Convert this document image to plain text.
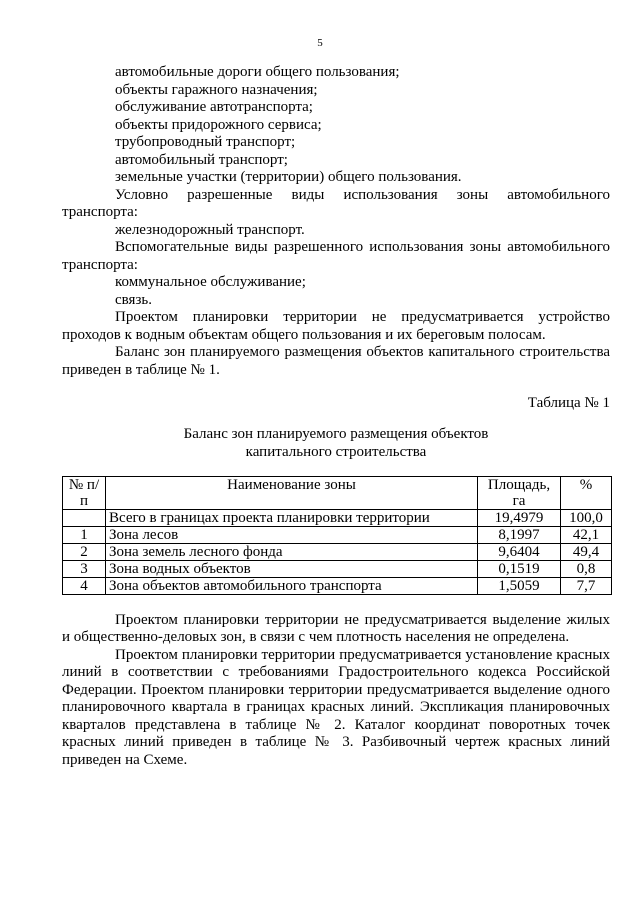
5
автомобильные дороги общего пользования;
объекты гаражного назначения;
обслуживание автотранспорта;
объекты придорожного сервиса;
трубопроводный транспорт;
автомобильный транспорт;
земельные участки (территории) общего пользования.
Условно разрешенные виды использования зоны автомобильного
транспорта:
железнодорожный транспорт.
Вспомогательные виды разрешенного использования зоны автомобильного
транспорта:
коммунальное обслуживание;
связь.
Проектом планировки территории не предусматривается устройство
проходов к водным объектам общего пользования и их береговым полосам.
Баланс зон планируемого размещения объектов капитального строительства
приведен в таблице № 1.
Таблица № 1
Баланс зон планируемого размещения объектов
капитального строительства
№ п/п	Наименование зоны	Площадь, га	%
	Всего в границах проекта планировки территории	19,4979	100,0
1	Зона лесов	8,1997	42,1
2	Зона земель лесного фонда	9,6404	49,4
3	Зона водных объектов	0,1519	0,8
4	Зона объектов автомобильного транспорта	1,5059	7,7
Проектом планировки территории не предусматривается выделение жилых и общественно-деловых зон, в связи с чем плотность населения не определена.
Проектом планировки территории предусматривается установление красных линий в соответствии с требованиями Градостроительного кодекса Российской Федерации. Проектом планировки территории предусматривается выделение одного планировочного квартала в границах красных линий. Экспликация планировочных кварталов представлена в таблице № 2. Каталог координат поворотных точек красных линий приведен в таблице № 3. Разбивочный чертеж красных линий приведен на Схеме.
